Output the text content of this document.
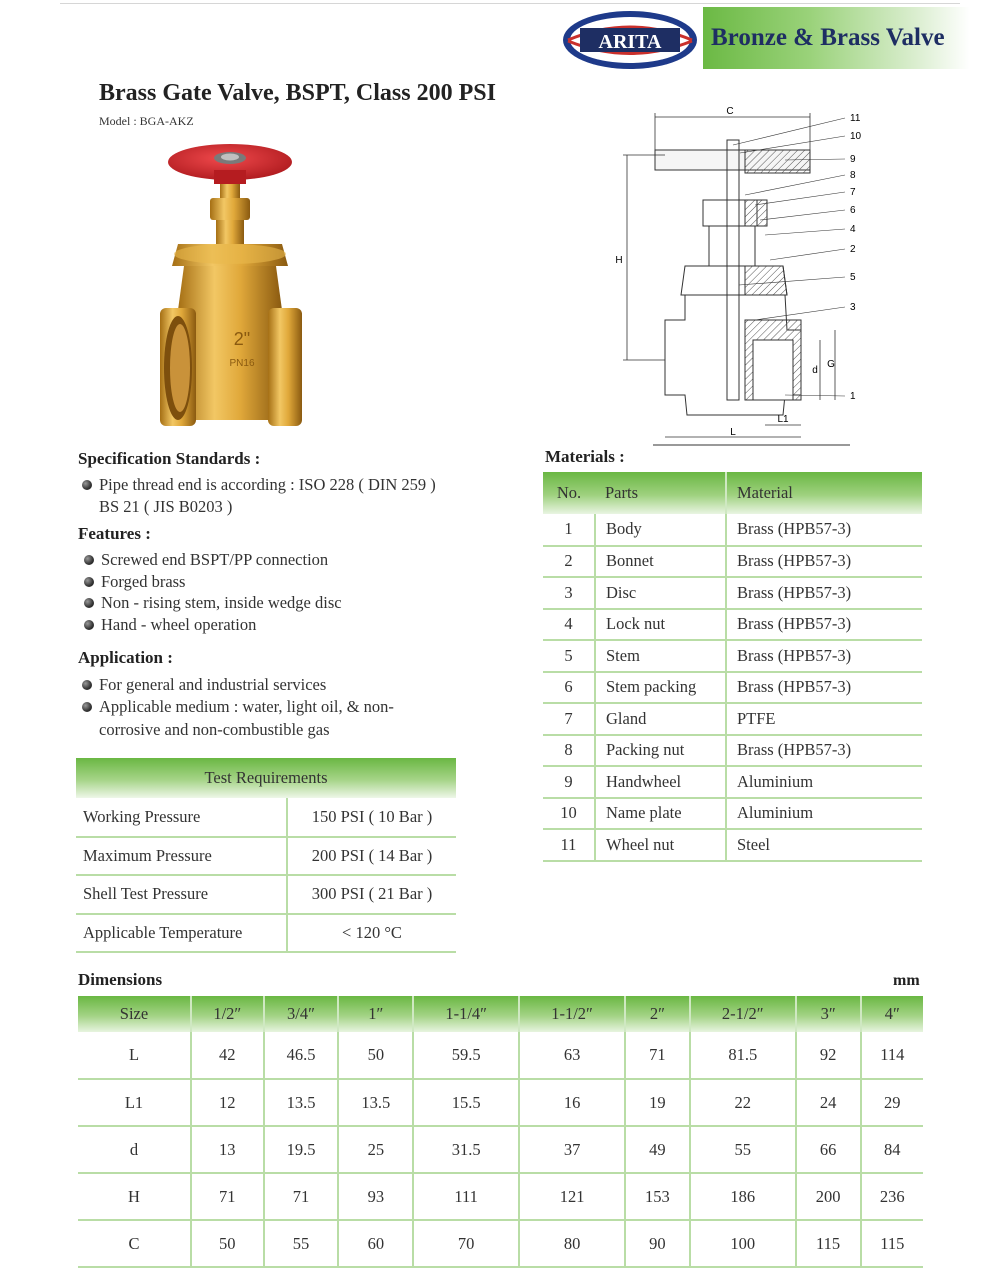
ARITA Bronze & Brass Valve
Brass Gate Valve, BSPT, Class 200 PSI
Model : BGA-AKZ
2"
PN16
C
H
d
G
L1
L
11
10
9
8
7
6
4
2
5
3
1
Specification Standards :
Pipe thread end is according : ISO 228 ( DIN 259 )
BS 21 ( JIS B0203 )
Features :
Screwed end BSPT/PP connection
Forged brass
Non - rising stem, inside wedge disc
Hand - wheel operation
Application :
For general and industrial services
Applicable medium : water, light oil, & non-
corrosive and non-combustible gas
Test Requirements	
Working Pressure	150 PSI ( 10 Bar )
Maximum Pressure	200 PSI ( 14 Bar )
Shell Test Pressure	300 PSI ( 21 Bar )
Applicable Temperature	< 120 °C
Materials :
No.	Parts	Material
1	Body	Brass (HPB57-3)
2	Bonnet	Brass (HPB57-3)
3	Disc	Brass (HPB57-3)
4	Lock nut	Brass (HPB57-3)
5	Stem	Brass (HPB57-3)
6	Stem packing	Brass (HPB57-3)
7	Gland	PTFE
8	Packing nut	Brass (HPB57-3)
9	Handwheel	Aluminium
10	Name plate	Aluminium
11	Wheel nut	Steel
Dimensions	mm
Size	1/2″	3/4″	1″	1-1/4″	1-1/2″	2″	2-1/2″	3″	4″
L	42	46.5	50	59.5	63	71	81.5	92	114
L1	12	13.5	13.5	15.5	16	19	22	24	29
d	13	19.5	25	31.5	37	49	55	66	84
H	71	71	93	111	121	153	186	200	236
C	50	55	60	70	80	90	100	115	115
